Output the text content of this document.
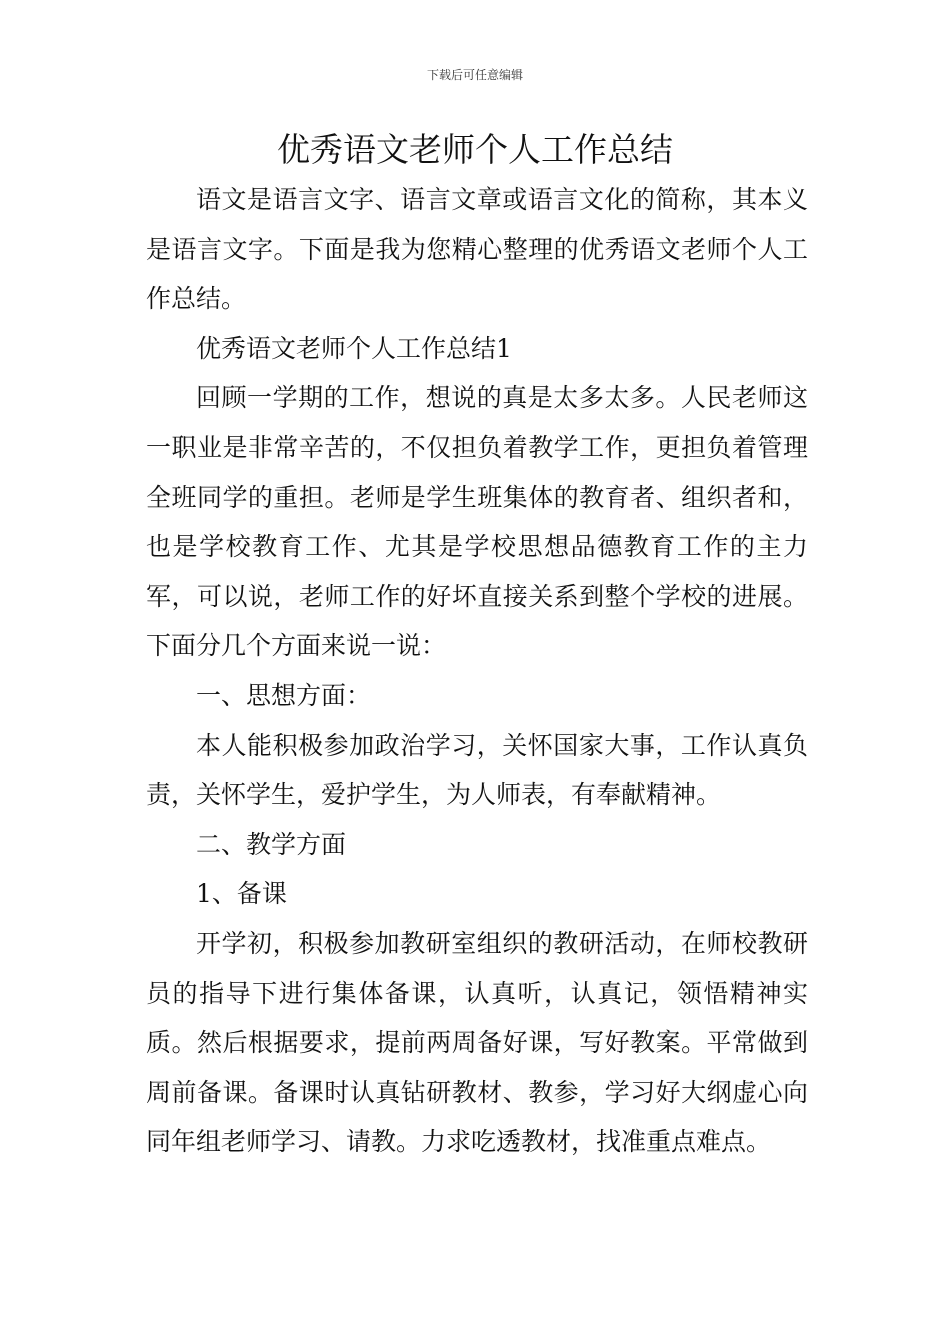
下载后可任意编辑
优秀语文老师个人工作总结

语文是语言文字、语言文章或语言文化的简称，其本义是语言文字。下面是我为您精心整理的优秀语文老师个人工作总结。

优秀语文老师个人工作总结1

回顾一学期的工作，想说的真是太多太多。人民老师这一职业是非常辛苦的，不仅担负着教学工作，更担负着管理全班同学的重担。老师是学生班集体的教育者、组织者和，也是学校教育工作、尤其是学校思想品德教育工作的主力军，可以说，老师工作的好坏直接关系到整个学校的进展。下面分几个方面来说一说：

一、思想方面：

本人能积极参加政治学习，关怀国家大事，工作认真负责，关怀学生，爱护学生，为人师表，有奉献精神。

二、教学方面

1、备课

开学初，积极参加教研室组织的教研活动，在师校教研员的指导下进行集体备课，认真听，认真记，领悟精神实质。然后根据要求，提前两周备好课，写好教案。平常做到周前备课。备课时认真钻研教材、教参，学习好大纲虚心向同年组老师学习、请教。力求吃透教材，找准重点难点。
